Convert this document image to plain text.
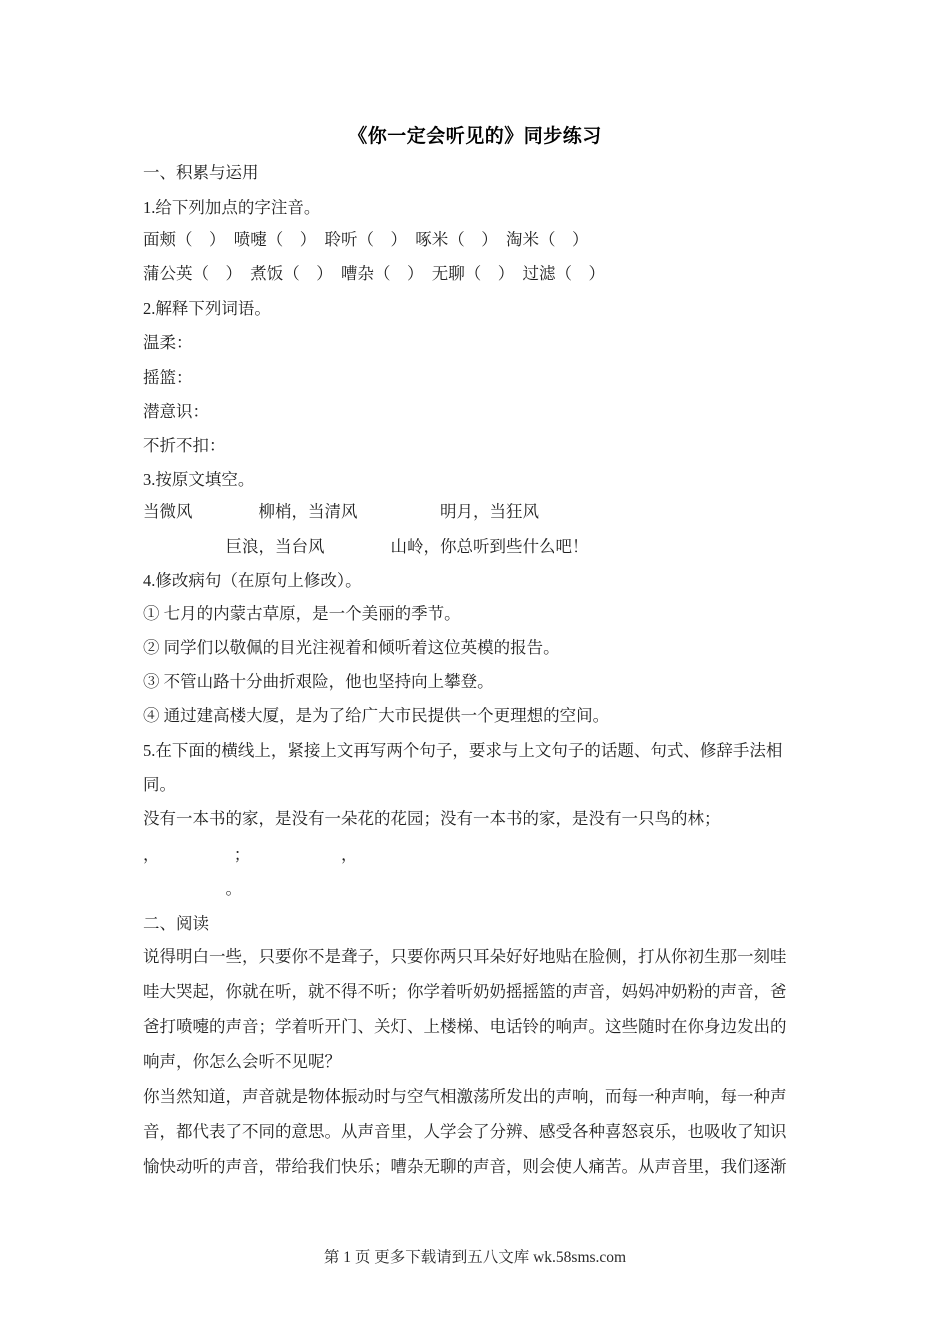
《你一定会听见的》同步练习
一、积累与运用
1.给下列加点的字注音。
面颊（　）　喷嚏（　）　聆听（　）　啄米（　）　淘米（　）
蒲公英（　）　煮饭（　）　嘈杂（　）　无聊（　）　过滤（　）
2.解释下列词语。
温柔：
摇篮：
潜意识：
不折不扣：
3.按原文填空。
当微风　　　　柳梢，当清风　　　　　明月，当狂风
　　　　　巨浪，当台风　　　　山岭，你总听到些什么吧！
4.修改病句（在原句上修改）。
① 七月的内蒙古草原，是一个美丽的季节。
② 同学们以敬佩的目光注视着和倾听着这位英模的报告。
③ 不管山路十分曲折艰险，他也坚持向上攀登。
④ 通过建高楼大厦，是为了给广大市民提供一个更理想的空间。
5.在下面的横线上，紧接上文再写两个句子，要求与上文句子的话题、句式、修辞手法相
同。
没有一本书的家，是没有一朵花的花园；没有一本书的家，是没有一只鸟的林；
，　　　　　；　　　　　　，
　　　　　。
二、阅读
说得明白一些，只要你不是聋子，只要你两只耳朵好好地贴在脸侧，打从你初生那一刻哇
哇大哭起，你就在听，就不得不听；你学着听奶奶摇摇篮的声音，妈妈冲奶粉的声音，爸
爸打喷嚏的声音；学着听开门、关灯、上楼梯、电话铃的响声。这些随时在你身边发出的
响声，你怎么会听不见呢？
你当然知道，声音就是物体振动时与空气相激荡所发出的声响，而每一种声响，每一种声
音，都代表了不同的意思。从声音里，人学会了分辨、感受各种喜怒哀乐，也吸收了知识
愉快动听的声音，带给我们快乐；嘈杂无聊的声音，则会使人痛苦。从声音里，我们逐渐
第 1 页 更多下载请到五八文库 wk.58sms.com
